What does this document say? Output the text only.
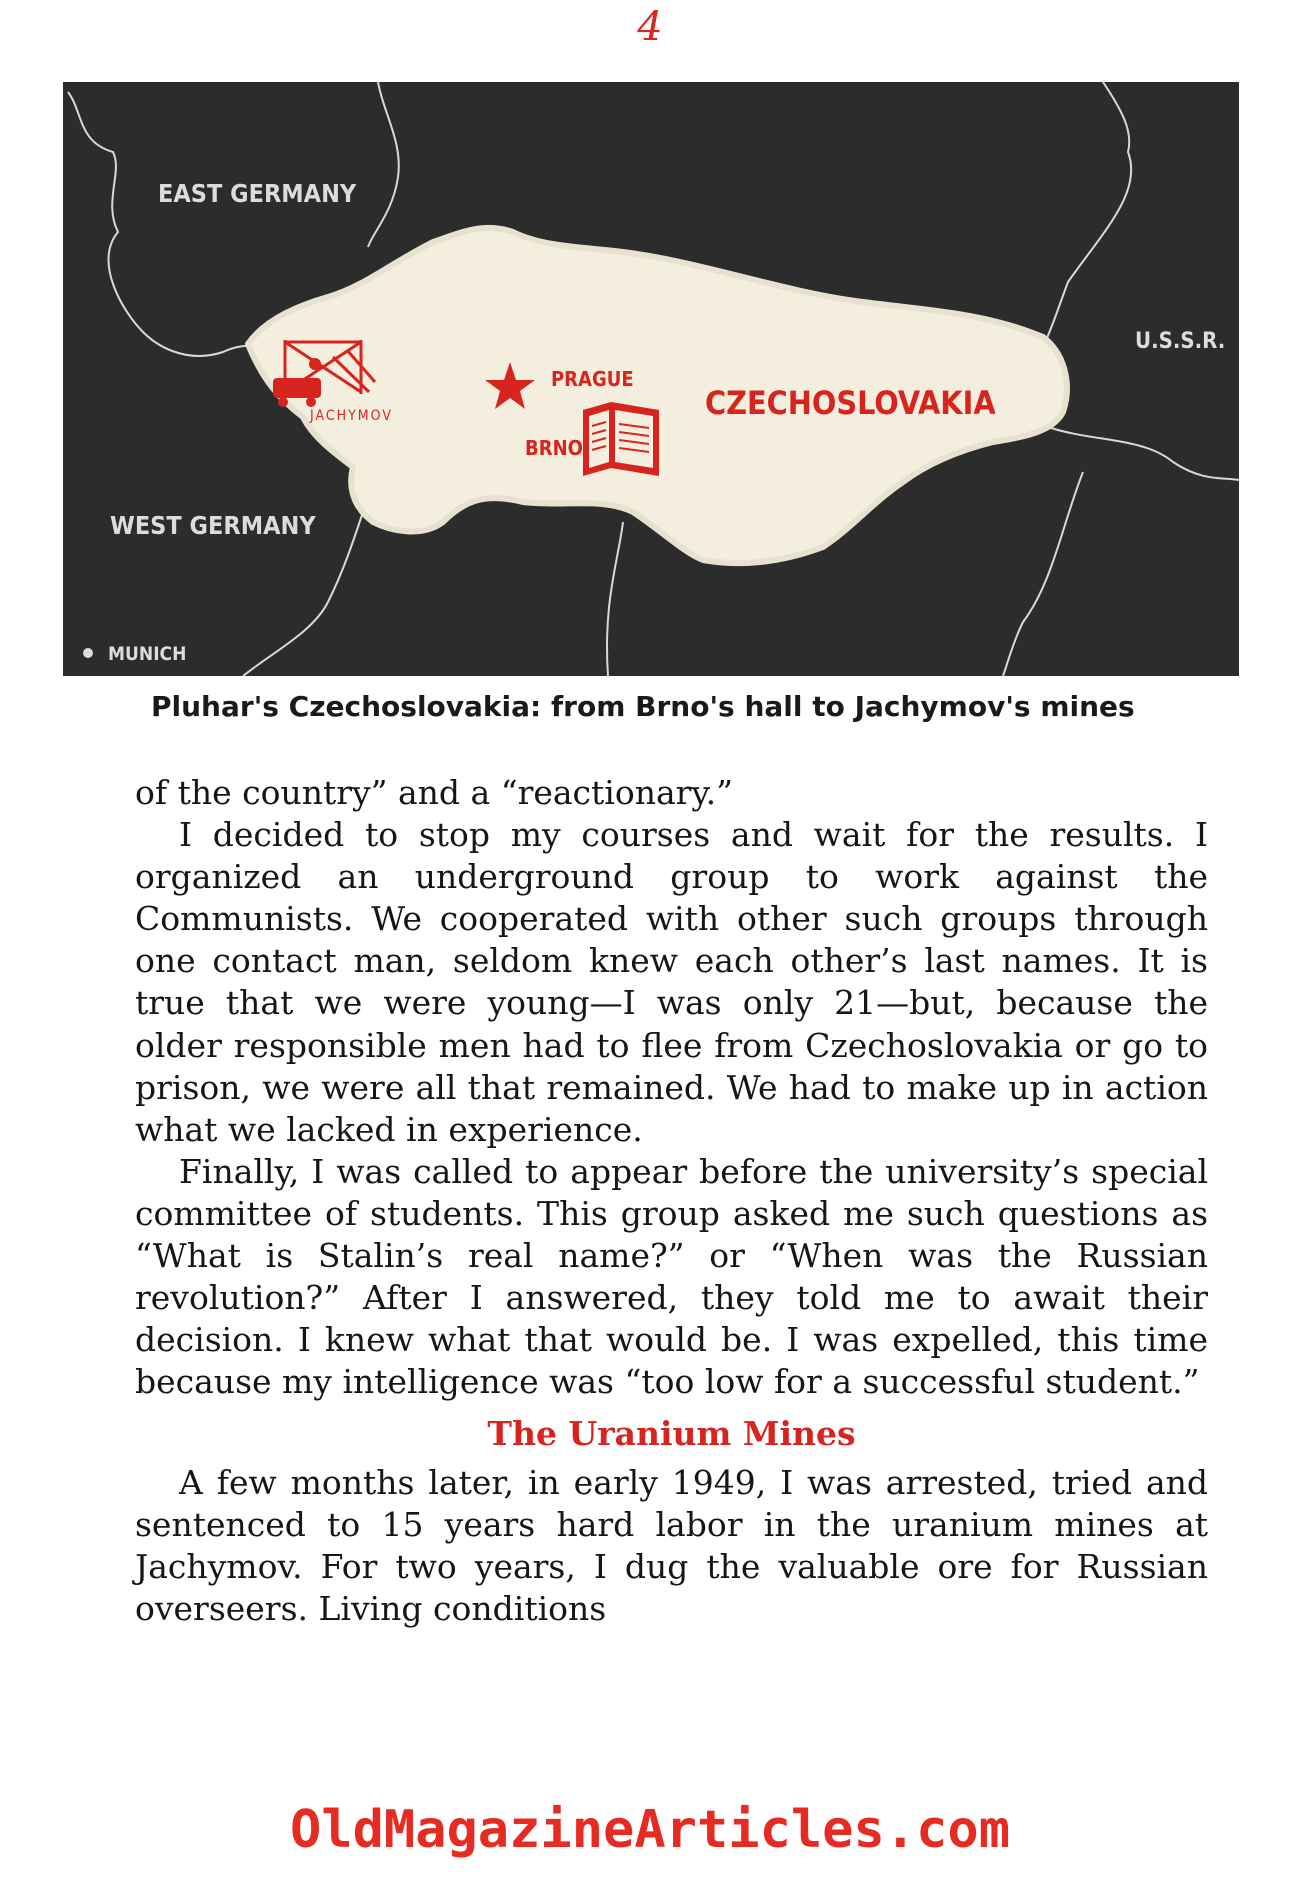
4
EAST GERMANY
WEST GERMANY
U.S.S.R.
MUNICH
PRAGUE
BRNO
JACHYMOV	CZECHOSLOVAKIA
Pluhar's Czechoslovakia: from Brno's hall to Jachymov's mines

of the country” and a “reactionary.”

I decided to stop my courses and wait for the results. I organized an underground group to work against the Communists. We cooperated with other such groups through one contact man, seldom knew each other’s last names. It is true that we were young—I was only 21—but, because the older responsible men had to flee from Czechoslovakia or go to prison, we were all that remained. We had to make up in action what we lacked in experience.

Finally, I was called to appear before the university’s special committee of students. This group asked me such questions as “What is Stalin’s real name?” or “When was the Russian revolution?” After I answered, they told me to await their decision. I knew what that would be. I was expelled, this time because my intelligence was “too low for a successful student.”

The Uranium Mines

A few months later, in early 1949, I was arrested, tried and sentenced to 15 years hard labor in the uranium mines at Jachymov. For two years, I dug the valuable ore for Russian overseers. Living conditions

OldMagazineArticles.com
